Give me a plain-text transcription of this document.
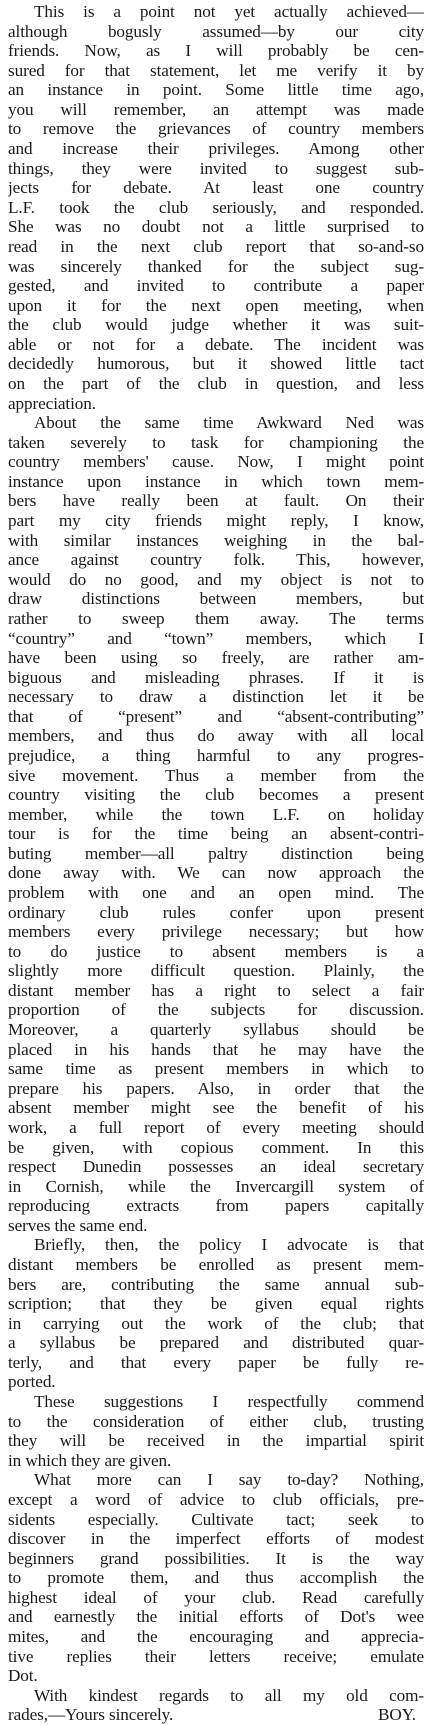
This is a point not yet actually achieved—
although bogusly assumed—by our city
friends. Now, as I will probably be cen-
sured for that statement, let me verify it by
an instance in point. Some little time ago,
you will remember, an attempt was made
to remove the grievances of country members
and increase their privileges. Among other
things, they were invited to suggest sub-
jects for debate. At least one country
L.F. took the club seriously, and responded.
She was no doubt not a little surprised to
read in the next club report that so-and-so
was sincerely thanked for the subject sug-
gested, and invited to contribute a paper
upon it for the next open meeting, when
the club would judge whether it was suit-
able or not for a debate. The incident was
decidedly humorous, but it showed little tact
on the part of the club in question, and less
appreciation.
About the same time Awkward Ned was
taken severely to task for championing the
country members' cause. Now, I might point
instance upon instance in which town mem-
bers have really been at fault. On their
part my city friends might reply, I know,
with similar instances weighing in the bal-
ance against country folk. This, however,
would do no good, and my object is not to
draw distinctions between members, but
rather to sweep them away. The terms
“country” and “town” members, which I
have been using so freely, are rather am-
biguous and misleading phrases. If it is
necessary to draw a distinction let it be
that of “present” and “absent-contributing”
members, and thus do away with all local
prejudice, a thing harmful to any progres-
sive movement. Thus a member from the
country visiting the club becomes a present
member, while the town L.F. on holiday
tour is for the time being an absent-contri-
buting member—all paltry distinction being
done away with. We can now approach the
problem with one and an open mind. The
ordinary club rules confer upon present
members every privilege necessary; but how
to do justice to absent members is a
slightly more difficult question. Plainly, the
distant member has a right to select a fair
proportion of the subjects for discussion.
Moreover, a quarterly syllabus should be
placed in his hands that he may have the
same time as present members in which to
prepare his papers. Also, in order that the
absent member might see the benefit of his
work, a full report of every meeting should
be given, with copious comment. In this
respect Dunedin possesses an ideal secretary
in Cornish, while the Invercargill system of
reproducing extracts from papers capitally
serves the same end.
Briefly, then, the policy I advocate is that
distant members be enrolled as present mem-
bers are, contributing the same annual sub-
scription; that they be given equal rights
in carrying out the work of the club; that
a syllabus be prepared and distributed quar-
terly, and that every paper be fully re-
ported.
These suggestions I respectfully commend
to the consideration of either club, trusting
they will be received in the impartial spirit
in which they are given.
What more can I say to-day? Nothing,
except a word of advice to club officials, pre-
sidents especially. Cultivate tact; seek to
discover in the imperfect efforts of modest
beginners grand possibilities. It is the way
to promote them, and thus accomplish the
highest ideal of your club. Read carefully
and earnestly the initial efforts of Dot's wee
mites, and the encouraging and apprecia-
tive replies their letters receive; emulate
Dot.
With kindest regards to all my old com-
rades,—Yours sincerely.	BOY.
